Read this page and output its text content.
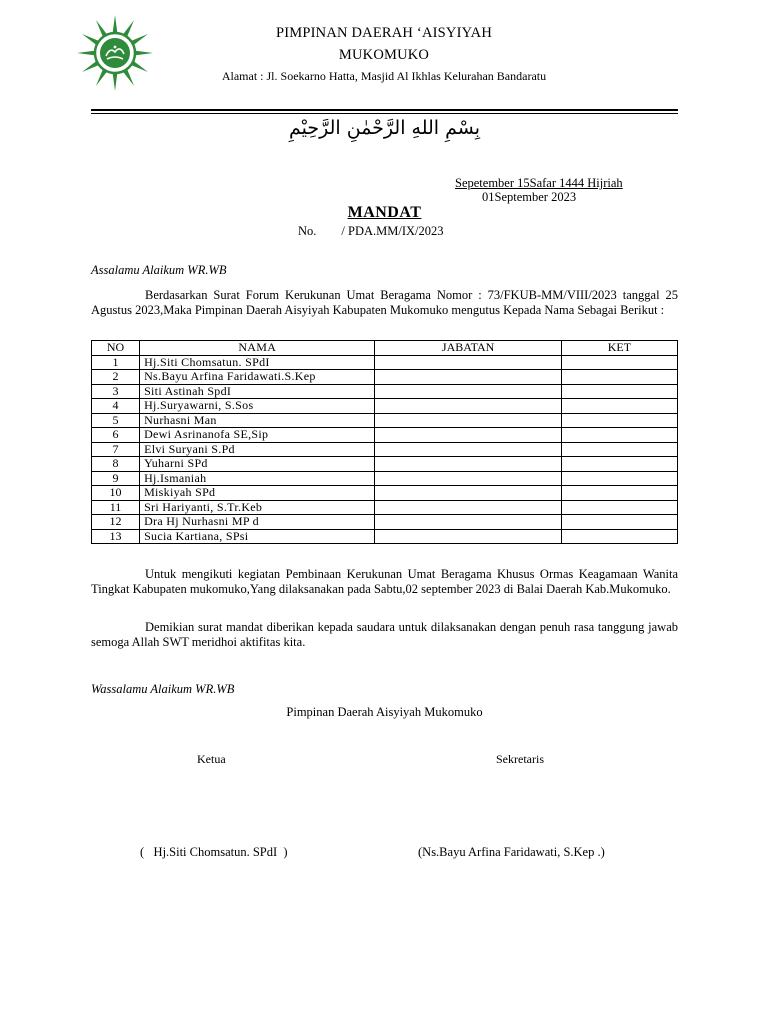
PIMPINAN DAERAH ‘AISYIYAH
MUKOMUKO
Alamat : Jl. Soekarno Hatta, Masjid Al Ikhlas Kelurahan Bandaratu
بِسْمِ اللهِ الرَّحْمٰنِ الرَّحِيْمِ
Sepetember 15Safar 1444 Hijriah
01September 2023
MANDAT
No.        / PDA.MM/IX/2023
Assalamu Alaikum WR.WB
Berdasarkan Surat Forum Kerukunan Umat Beragama Nomor : 73/FKUB-MM/VIII/2023 tanggal 25 Agustus 2023,Maka Pimpinan Daerah Aisyiyah Kabupaten Mukomuko mengutus Kepada Nama Sebagai Berikut :
NO	NAMA	JABATAN	KET
1	Hj.Siti Chomsatun. SPdI		
2	Ns.Bayu Arfina Faridawati.S.Kep		
3	Siti Astinah SpdI		
4	Hj.Suryawarni, S.Sos		
5	Nurhasni Man		
6	Dewi Asrinanofa SE,Sip		
7	Elvi Suryani S.Pd		
8	Yuharni SPd		
9	Hj.Ismaniah		
10	Miskiyah SPd		
11	Sri Hariyanti, S.Tr.Keb		
12	Dra Hj Nurhasni MP d		
13	Sucia Kartiana, SPsi		
Untuk mengikuti kegiatan Pembinaan Kerukunan Umat Beragama Khusus Ormas Keagamaan Wanita Tingkat Kabupaten mukomuko,Yang dilaksanakan pada Sabtu,02 september 2023 di Balai Daerah Kab.Mukomuko.
Demikian surat mandat diberikan kepada saudara untuk dilaksanakan dengan penuh rasa tanggung jawab semoga Allah SWT meridhoi aktifitas kita.
Wassalamu Alaikum WR.WB
Pimpinan Daerah Aisyiyah Mukomuko
Ketua	Sekretaris
(   Hj.Siti Chomsatun. SPdI  )	(Ns.Bayu Arfina Faridawati, S.Kep .)
